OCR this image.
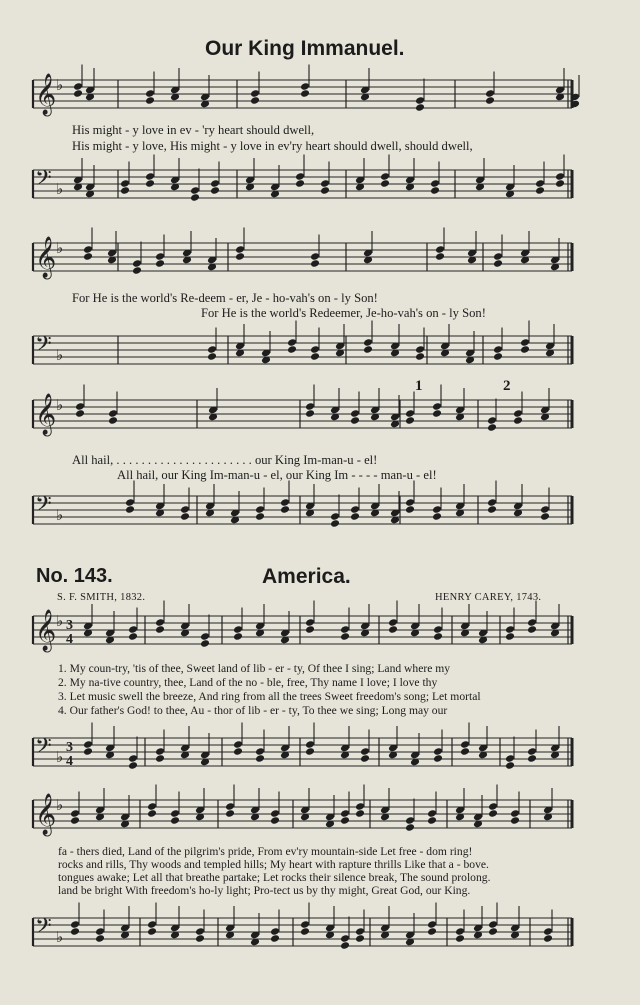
Our King Immanuel.
𝄞 ♭
His might - y love in ev - 'ry heart should dwell,
His might - y love, His might - y love in ev'ry heart should dwell, should dwell,
𝄢 ♭
𝄞 ♭
For He is the world's Re-deem - er, Je - ho-vah's on - ly Son!
For He is the world's Redeemer, Je-ho-vah's on - ly Son!
𝄢 ♭
𝄞 ♭
1	2
All hail, . . . . . . . . . . . . . . . . . . . . . . our King Im-man-u - el!
All hail, our King Im-man-u - el, our King Im - - - - man-u - el!
𝄢 ♭
No. 143.	America.
S. F. SMITH, 1832.	HENRY CAREY, 1743.
𝄞 ♭ 3
4
1. My coun-try, 'tis of thee, Sweet land of lib - er - ty, Of thee I sing; Land where my
2. My na-tive country, thee, Land of the no - ble, free, Thy name I love; I love thy
3. Let music swell the breeze, And ring from all the trees Sweet freedom's song; Let mortal
4. Our father's God! to thee, Au - thor of lib - er - ty, To thee we sing; Long may our
𝄢 ♭
3
4
𝄞 ♭
fa - thers died, Land of the pilgrim's pride, From ev'ry mountain-side Let free - dom ring!
rocks and rills, Thy woods and templed hills; My heart with rapture thrills Like that a - bove.
tongues awake; Let all that breathe partake; Let rocks their silence break, The sound prolong.
land be bright With freedom's ho-ly light; Pro-tect us by thy might, Great God, our King.
𝄢 ♭
